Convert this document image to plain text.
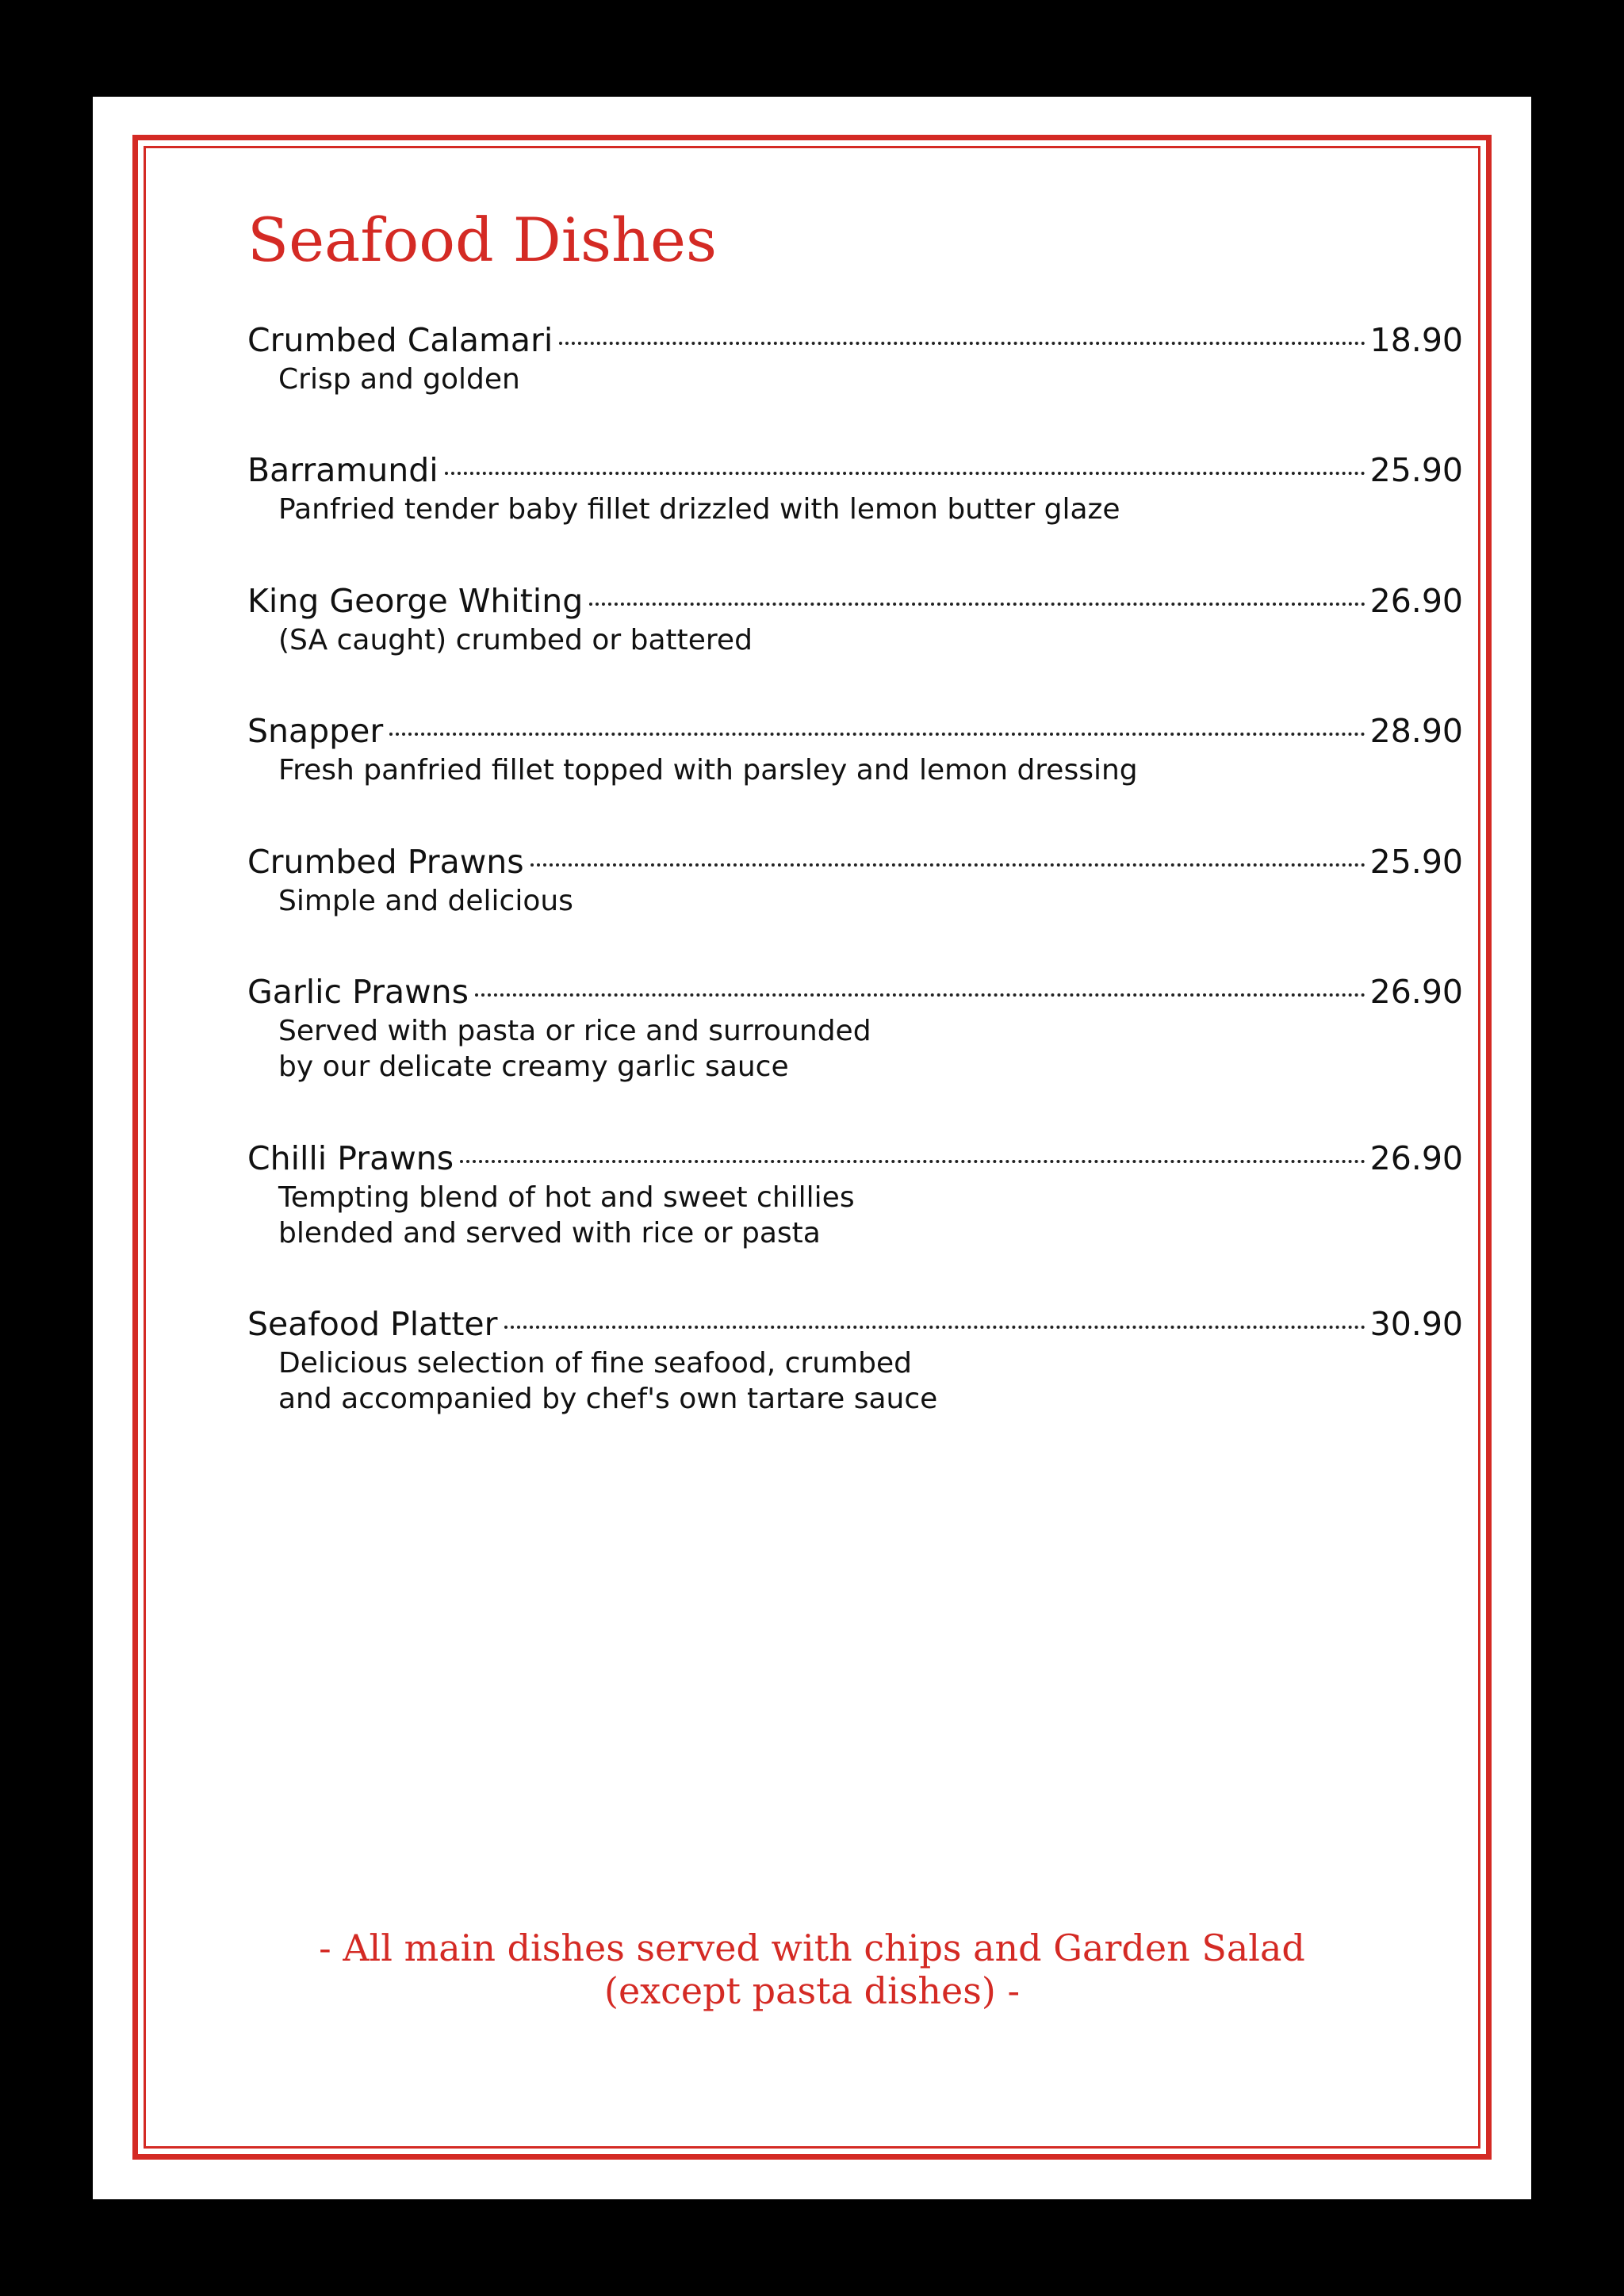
Seafood Dishes
Crumbed Calamari	18.90
Crisp and golden
Barramundi	25.90
Panfried tender baby fillet drizzled with lemon butter glaze
King George Whiting	26.90
(SA caught) crumbed or battered
Snapper	28.90
Fresh panfried fillet topped with parsley and lemon dressing
Crumbed Prawns	25.90
Simple and delicious
Garlic Prawns	26.90
Served with pasta or rice and surrounded
by our delicate creamy garlic sauce
Chilli Prawns	26.90
Tempting blend of hot and sweet chillies
blended and served with rice or pasta
Seafood Platter	30.90
Delicious selection of fine seafood, crumbed
and accompanied by chef's own tartare sauce
- All main dishes served with chips and Garden Salad
(except pasta dishes) -
